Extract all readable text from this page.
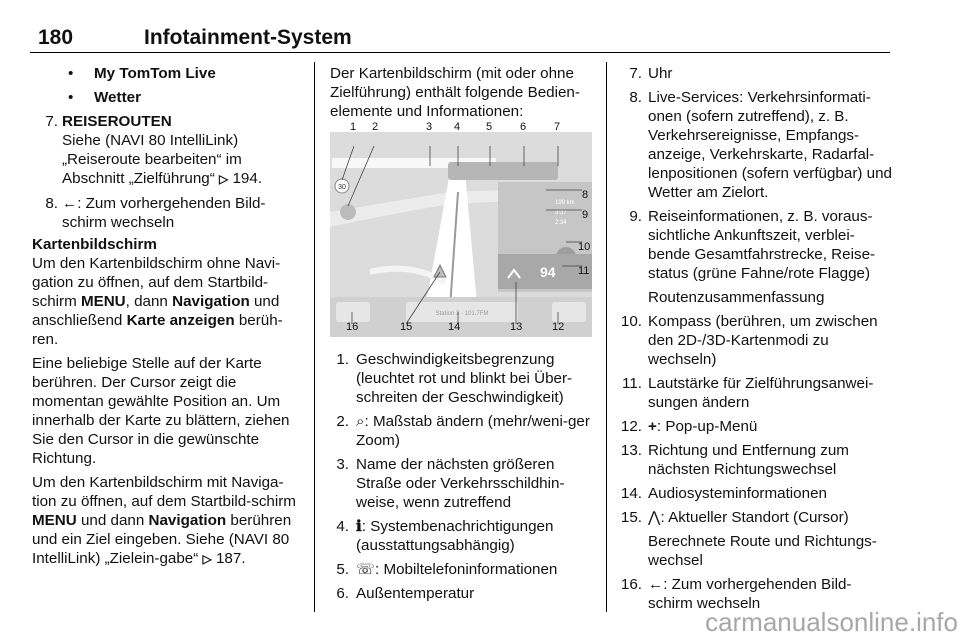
180	Infotainment-System
• My TomTom Live
• Wetter
7. REISEROUTEN
Siehe (NAVI 80 IntelliLink)
„Reiseroute bearbeiten“ im
Abschnitt „Zielführung“ ▷ 194.
8. ←: Zum vorhergehenden Bild-
schirm wechseln
Kartenbildschirm

Um den Kartenbildschirm ohne Navi-gation zu öffnen, auf dem Startbild-schirm MENU, dann Navigation und anschließend Karte anzeigen berüh-ren.

Eine beliebige Stelle auf der Karte berühren. Der Cursor zeigt die momentan gewählte Position an. Um innerhalb der Karte zu blättern, ziehen Sie den Cursor in die gewünschte Richtung.

Um den Kartenbildschirm mit Naviga-tion zu öffnen, auf dem Startbild-schirm MENU und dann Navigation berühren und ein Ziel eingeben. Siehe (NAVI 80 IntelliLink) „Zielein-gabe“ ▷ 187.

Der Kartenbildschirm (mit oder ohne Zielführung) enthält folgende Bedien-elemente und Informationen:

30
199 km
3:37
2:34
94
Station 3 - 101.7FM
1 2	3 4 5	6	7
8
9
10
11
16	15	14	13	12
1. Geschwindigkeitsbegrenzung (leuchtet rot und blinkt bei Über-schreiten der Geschwindigkeit)
2. ⌕: Maßstab ändern (mehr/weni-ger Zoom)
3. Name der nächsten größeren Straße oder Verkehrsschildhin-weise, wenn zutreffend
4. ℹ: Systembenachrichtigungen (ausstattungsabhängig)
5. ☏: Mobiltelefoninformationen
6. Außentemperatur
7. Uhr
8. Live-Services: Verkehrsinformati-onen (sofern zutreffend), z. B. Verkehrsereignisse, Empfangs-anzeige, Verkehrskarte, Radarfal-lenpositionen (sofern verfügbar) und Wetter am Zielort.
9. Reiseinformationen, z. B. voraus-sichtliche Ankunftszeit, verblei-bende Gesamtfahrstrecke, Reise-status (grüne Fahne/rote Flagge)
Routenzusammenfassung
10. Kompass (berühren, um zwischen den 2D-/3D-Kartenmodi zu wechseln)
11. Lautstärke für Zielführungsanwei-sungen ändern
12. +: Pop-up-Menü
13. Richtung und Entfernung zum nächsten Richtungswechsel
14. Audiosysteminformationen
15. ⋀: Aktueller Standort (Cursor)
Berechnete Route und Richtungs-wechsel
16. ←: Zum vorhergehenden Bild-schirm wechseln
carmanualsonline.info
